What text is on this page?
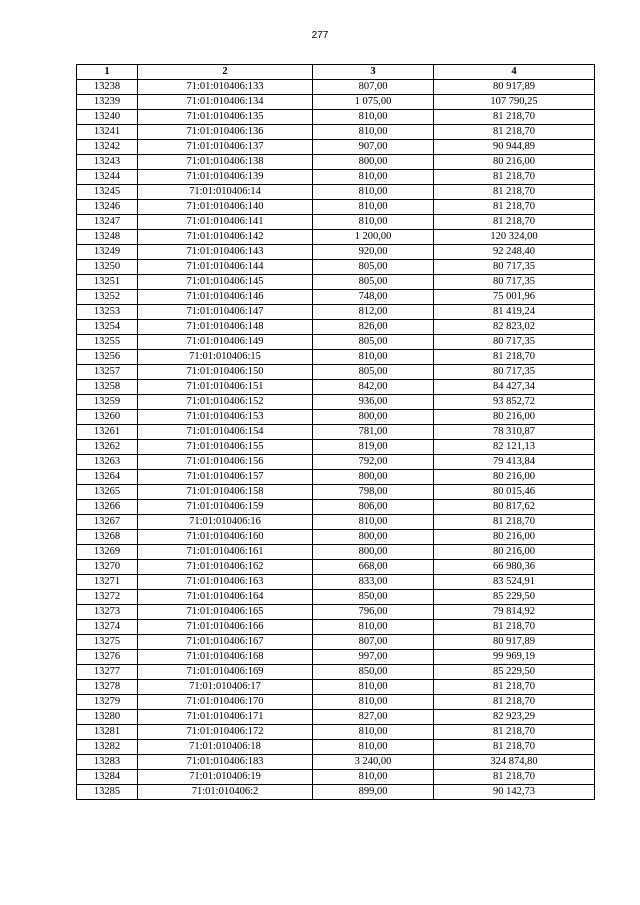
277
1	2	3	4
13238	71:01:010406:133	807,00	80 917,89
13239	71:01:010406:134	1 075,00	107 790,25
13240	71:01:010406:135	810,00	81 218,70
13241	71:01:010406:136	810,00	81 218,70
13242	71:01:010406:137	907,00	90 944,89
13243	71:01:010406:138	800,00	80 216,00
13244	71:01:010406:139	810,00	81 218,70
13245	71:01:010406:14	810,00	81 218,70
13246	71:01:010406:140	810,00	81 218,70
13247	71:01:010406:141	810,00	81 218,70
13248	71:01:010406:142	1 200,00	120 324,00
13249	71:01:010406:143	920,00	92 248,40
13250	71:01:010406:144	805,00	80 717,35
13251	71:01:010406:145	805,00	80 717,35
13252	71:01:010406:146	748,00	75 001,96
13253	71:01:010406:147	812,00	81 419,24
13254	71:01:010406:148	826,00	82 823,02
13255	71:01:010406:149	805,00	80 717,35
13256	71:01:010406:15	810,00	81 218,70
13257	71:01:010406:150	805,00	80 717,35
13258	71:01:010406:151	842,00	84 427,34
13259	71:01:010406:152	936,00	93 852,72
13260	71:01:010406:153	800,00	80 216,00
13261	71:01:010406:154	781,00	78 310,87
13262	71:01:010406:155	819,00	82 121,13
13263	71:01:010406:156	792,00	79 413,84
13264	71:01:010406:157	800,00	80 216,00
13265	71:01:010406:158	798,00	80 015,46
13266	71:01:010406:159	806,00	80 817,62
13267	71:01:010406:16	810,00	81 218,70
13268	71:01:010406:160	800,00	80 216,00
13269	71:01:010406:161	800,00	80 216,00
13270	71:01:010406:162	668,00	66 980,36
13271	71:01:010406:163	833,00	83 524,91
13272	71:01:010406:164	850,00	85 229,50
13273	71:01:010406:165	796,00	79 814,92
13274	71:01:010406:166	810,00	81 218,70
13275	71:01:010406:167	807,00	80 917,89
13276	71:01:010406:168	997,00	99 969,19
13277	71:01:010406:169	850,00	85 229,50
13278	71:01:010406:17	810,00	81 218,70
13279	71:01:010406:170	810,00	81 218,70
13280	71:01:010406:171	827,00	82 923,29
13281	71:01:010406:172	810,00	81 218,70
13282	71:01:010406:18	810,00	81 218,70
13283	71:01:010406:183	3 240,00	324 874,80
13284	71:01:010406:19	810,00	81 218,70
13285	71:01:010406:2	899,00	90 142,73
